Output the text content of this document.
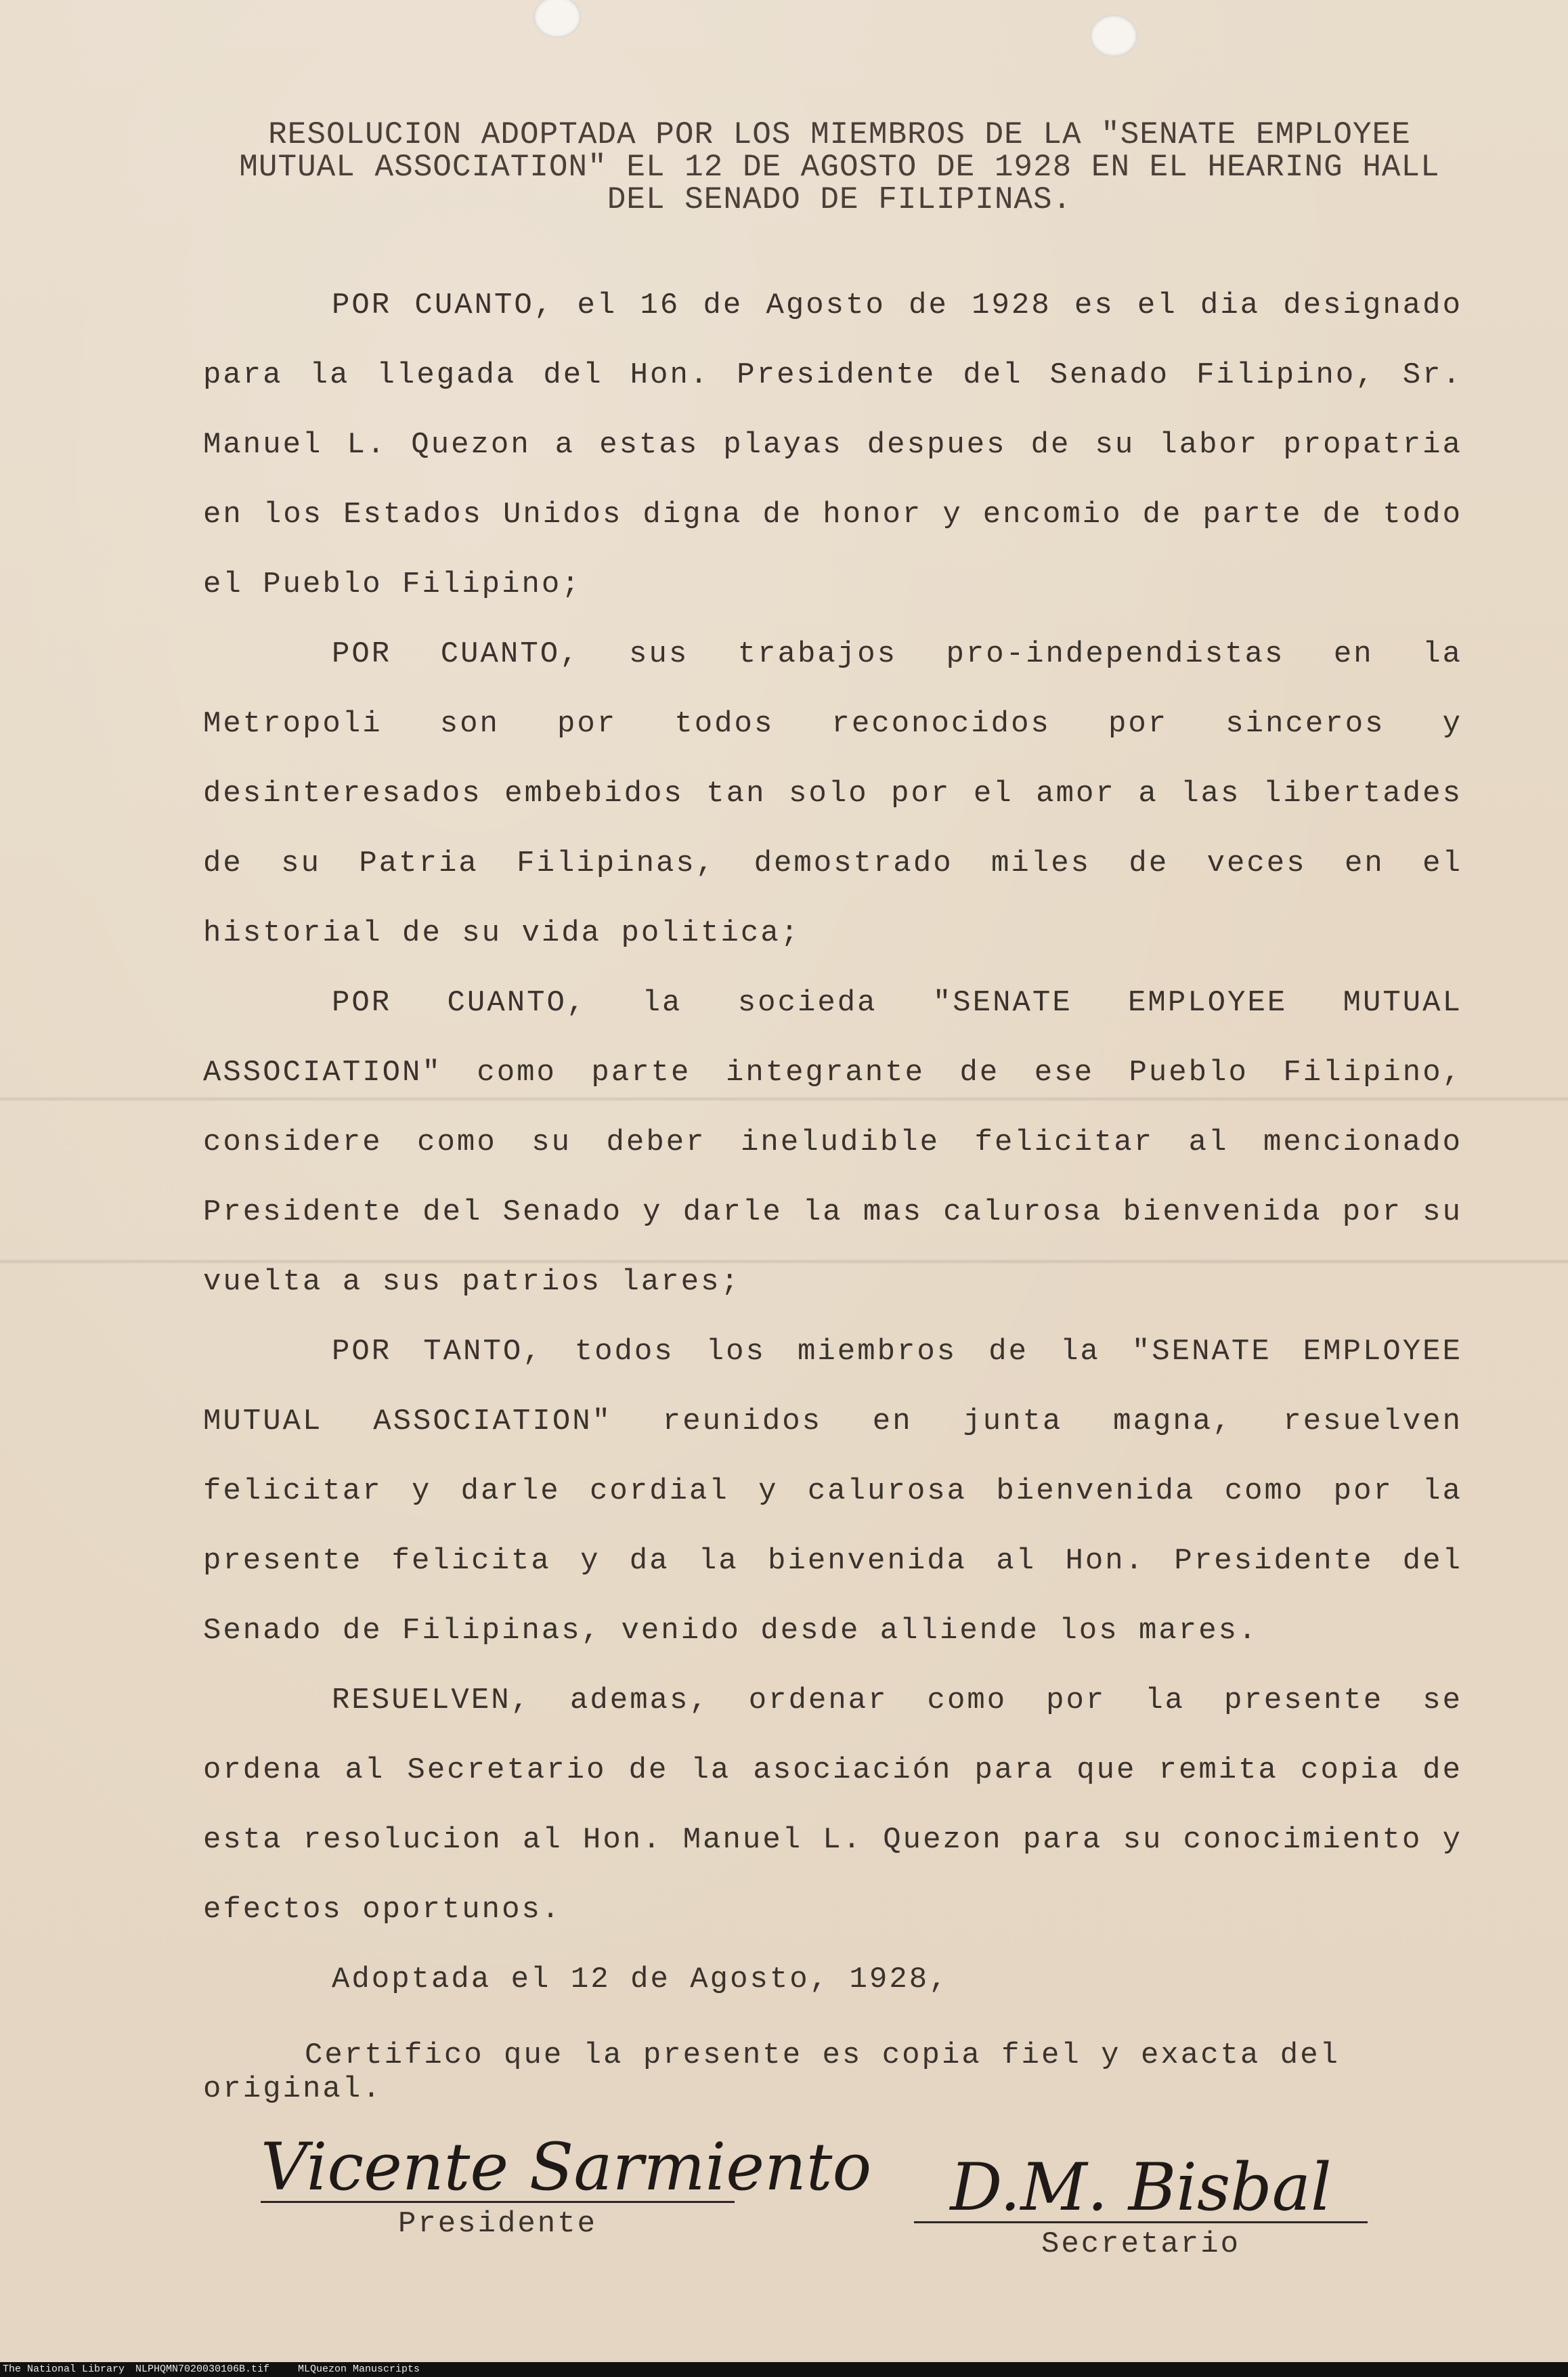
RESOLUCION ADOPTADA POR LOS MIEMBROS DE LA "SENATE EMPLOYEE MUTUAL ASSOCIATION" EL 12 DE AGOSTO DE 1928 EN EL HEARING HALL DEL SENADO DE FILIPINAS.

POR CUANTO, el 16 de Agosto de 1928 es el dia designado para la llegada del Hon. Presidente del Senado Filipino, Sr. Manuel L. Quezon a estas playas despues de su labor propatria en los Estados Unidos digna de honor y encomio de parte de todo el Pueblo Filipino;

POR CUANTO, sus trabajos pro-independistas en la Metropoli son por todos reconocidos por sinceros y desinteresados embebidos tan solo por el amor a las libertades de su Patria Filipinas, demostrado miles de veces en el historial de su vida politica;

POR CUANTO, la socieda "SENATE EMPLOYEE MUTUAL ASSOCIATION" como parte integrante de ese Pueblo Filipino, considere como su deber ineludible felicitar al mencionado Presidente del Senado y darle la mas calurosa bienvenida por su vuelta a sus patrios lares;

POR TANTO, todos los miembros de la "SENATE EMPLOYEE MUTUAL ASSOCIATION" reunidos en junta magna, resuelven felicitar y darle cordial y calurosa bienvenida como por la presente felicita y da la bienvenida al Hon. Presidente del Senado de Filipinas, venido desde alliende los mares.

RESUELVEN, ademas, ordenar como por la presente se ordena al Secretario de la asociación para que remita copia de esta resolucion al Hon. Manuel L. Quezon para su conocimiento y efectos oportunos.

Adoptada el 12 de Agosto, 1928,

Certifico que la presente es copia fiel y exacta del original.
Vicente Sarmiento
Presidente	D.M. Bisbal
Secretario
The National Library NLPHQMN7020030106B.tif	MLQuezon Manuscripts
